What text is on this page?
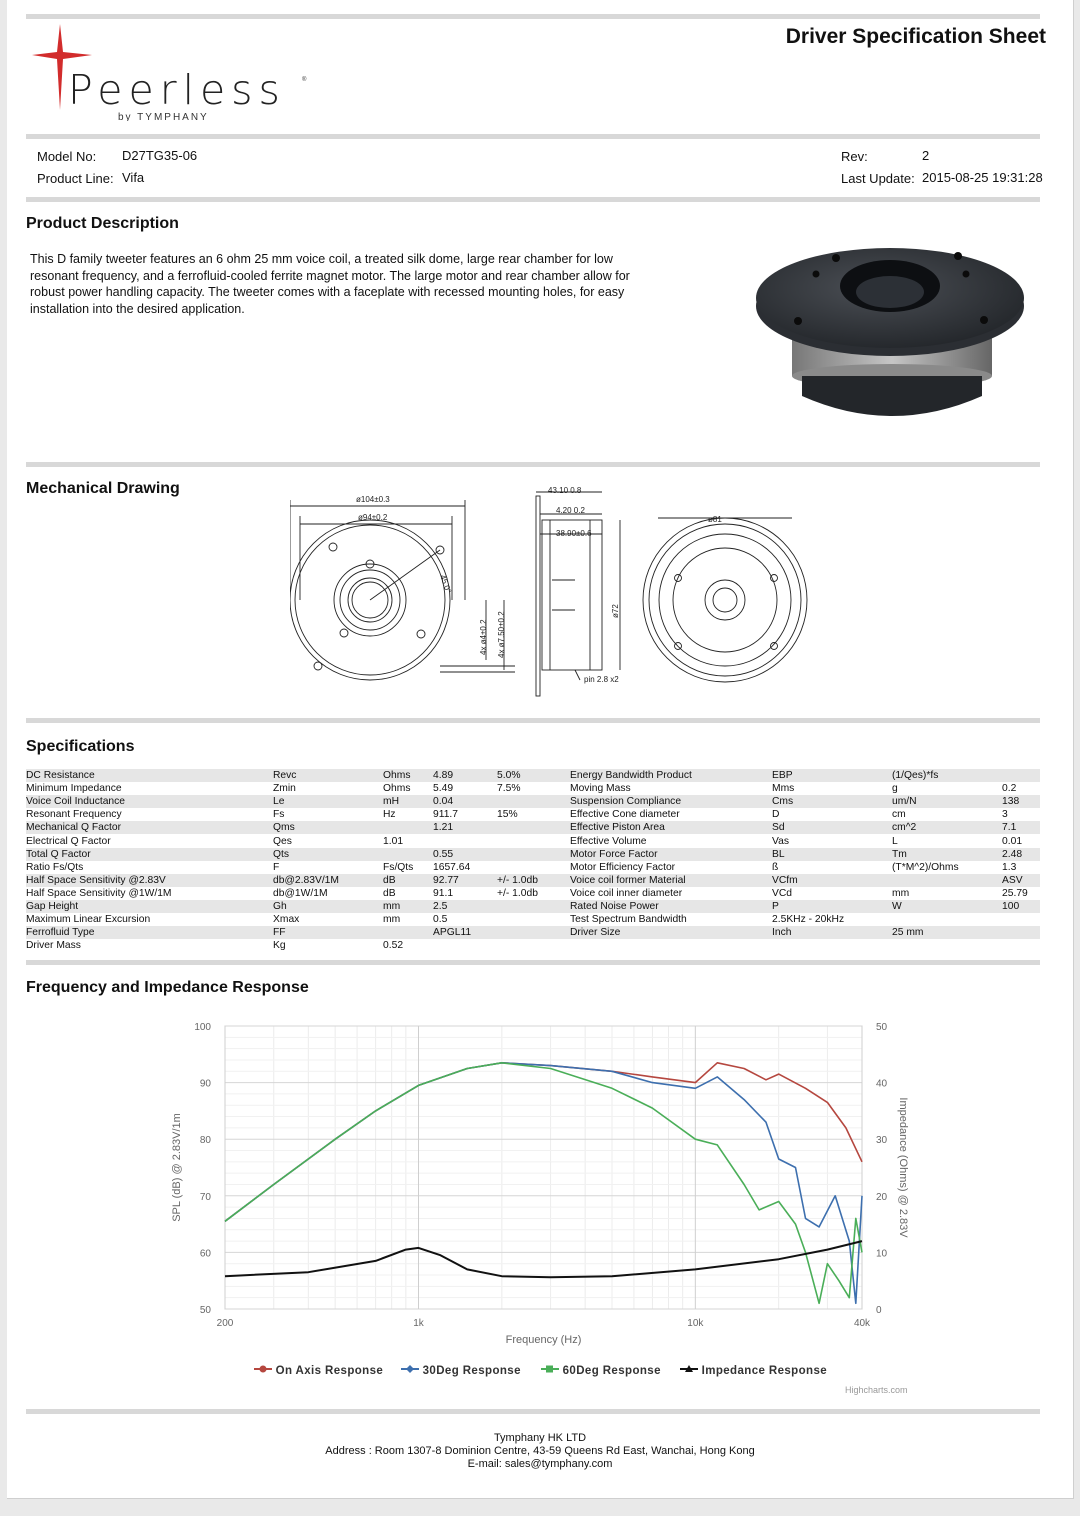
Peerless	®
by TYMPHANY
Driver Specification Sheet
Model No: D27TG35-06
Product Line: Vifa
Rev:	2
Last Update: 2015-08-25 19:31:28
Product Description
This D family tweeter features an 6 ohm 25 mm voice coil, a treated silk dome, large rear chamber for low resonant frequency, and a ferrofluid-cooled ferrite magnet motor. The large motor and rear chamber allow for robust power handling capacity. The tweeter comes with a faceplate with recessed mounting holes, for easy installation into the desired application.
Mechanical Drawing
ø104±0.3
ø94±0.2
45.0°
4x ø4±0.2 4x ø7.50±0.2
43.10 0.8
4.20 0.2
38.90±0.6
ø72
pin 2.8 x2
ø81
Specifications
DC Resistance	Revc	Ohms	4.89	5.0%	Energy Bandwidth Product	EBP	(1/Qes)*fs	
Minimum Impedance	Zmin	Ohms	5.49	7.5%	Moving Mass	Mms	g	0.2
Voice Coil Inductance	Le	mH	0.04		Suspension Compliance	Cms	um/N	138
Resonant Frequency	Fs	Hz	911.7	15%	Effective Cone diameter	D	cm	3
Mechanical Q Factor	Qms		1.21		Effective Piston Area	Sd	cm^2	7.1
Electrical Q Factor	Qes	1.01			Effective Volume	Vas	L	0.01
Total Q Factor	Qts		0.55		Motor Force Factor	BL	Tm	2.48
Ratio Fs/Qts	F	Fs/Qts	1657.64		Motor Efficiency Factor	ß	(T*M^2)/Ohms	1.3
Half Space Sensitivity @2.83V	db@2.83V/1M	dB	92.77	+/- 1.0db	Voice coil former Material	VCfm		ASV
Half Space Sensitivity @1W/1M	db@1W/1M	dB	91.1	+/- 1.0db	Voice coil inner diameter	VCd	mm	25.79
Gap Height	Gh	mm	2.5		Rated Noise Power	P	W	100
Maximum Linear Excursion	Xmax	mm	0.5		Test Spectrum Bandwidth	2.5KHz - 20kHz		
Ferrofluid Type	FF		APGL11		Driver Size	Inch	25 mm	
Driver Mass	Kg	0.52						
Frequency and Impedance Response
200	1k	10k	40k
50
60
70
80
90
100
0
10
20
30
40
50
Frequency (Hz)
SPL (dB) @ 2.83V/1m	Impedance (Ohms) @ 2.83V
On Axis Response	30Deg Response	60Deg Response	Impedance Response
Highcharts.com
Tymphany HK LTD
Address : Room 1307-8 Dominion Centre, 43-59 Queens Rd East, Wanchai, Hong Kong
E-mail: sales@tymphany.com
